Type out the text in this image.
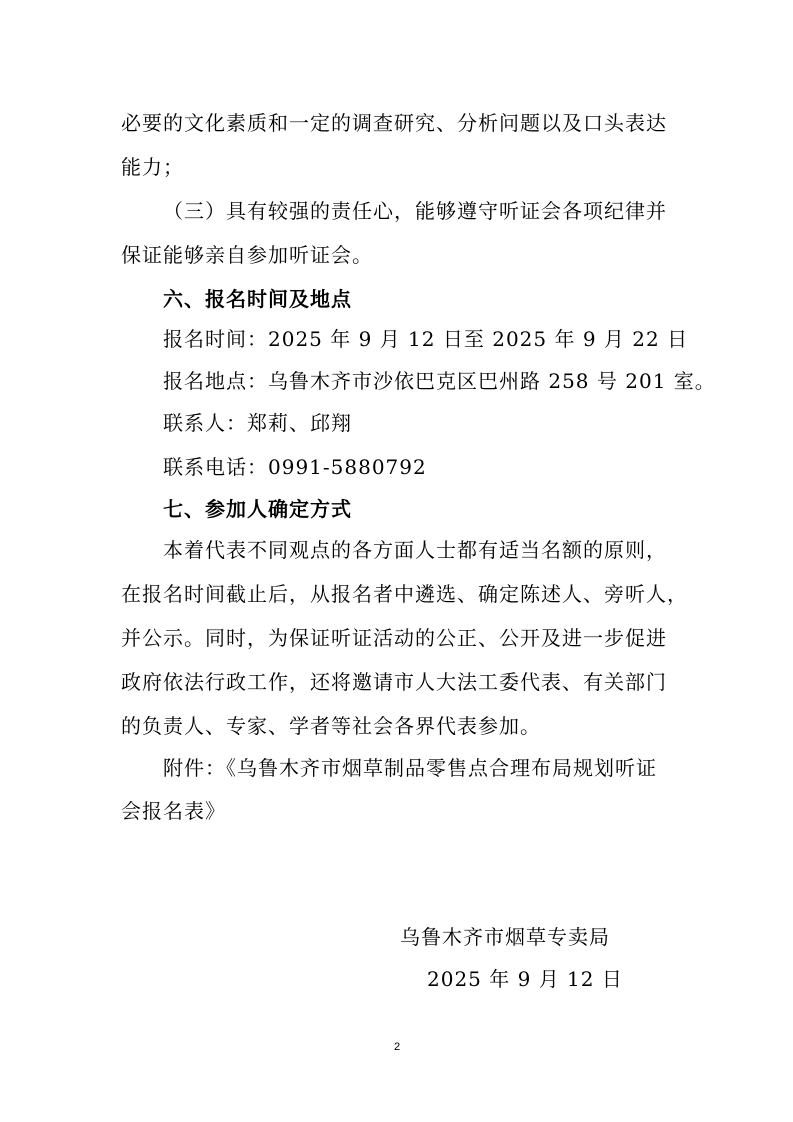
必要的文化素质和一定的调查研究、分析问题以及口头表达
能力；
（三）具有较强的责任心，能够遵守听证会各项纪律并
保证能够亲自参加听证会。
六、报名时间及地点
报名时间：2025 年 9 月 12 日至 2025 年 9 月 22 日
报名地点：乌鲁木齐市沙依巴克区巴州路 258 号 201 室。
联系人：郑莉、邱翔
联系电话：0991-5880792
七、参加人确定方式
本着代表不同观点的各方面人士都有适当名额的原则，
在报名时间截止后，从报名者中遴选、确定陈述人、旁听人，
并公示。同时，为保证听证活动的公正、公开及进一步促进
政府依法行政工作，还将邀请市人大法工委代表、有关部门
的负责人、专家、学者等社会各界代表参加。
附件：《乌鲁木齐市烟草制品零售点合理布局规划听证
会报名表》
乌鲁木齐市烟草专卖局
2025 年 9 月 12 日
2
